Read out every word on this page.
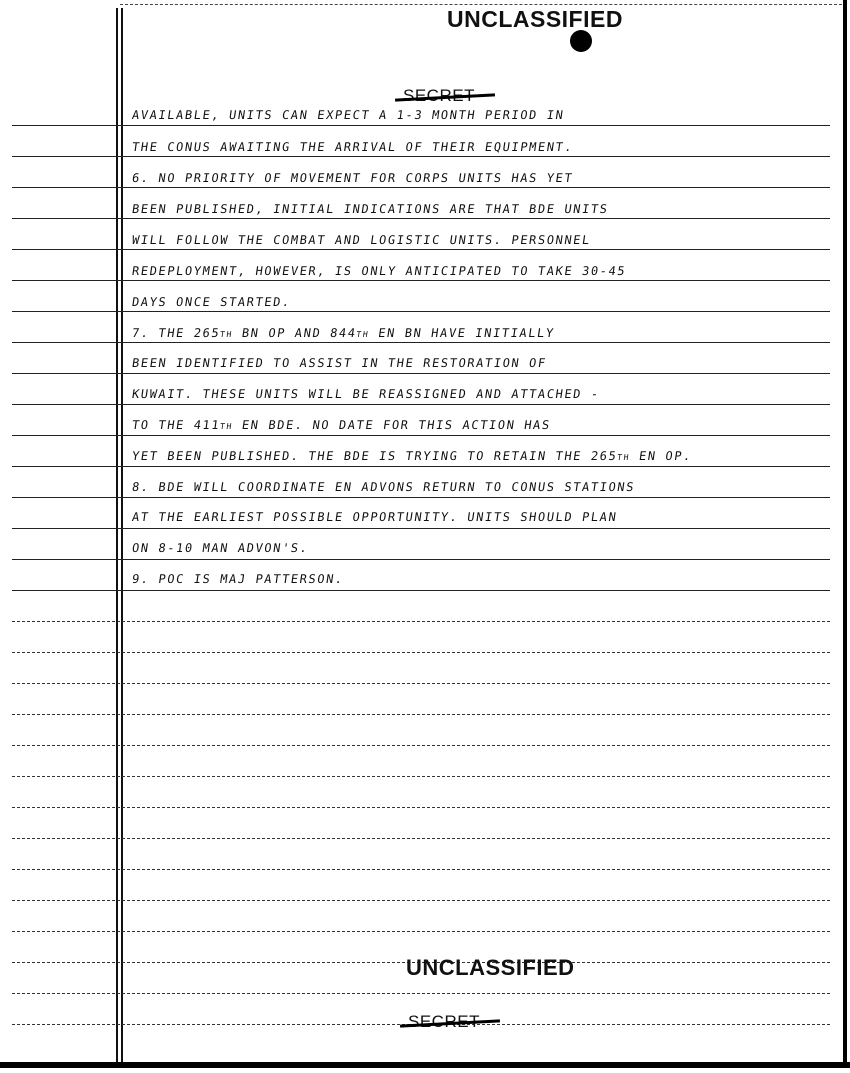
UNCLASSIFIED
SECRET
AVAILABLE, UNITS CAN EXPECT A 1-3 MONTH PERIOD IN
THE CONUS AWAITING THE ARRIVAL OF THEIR EQUIPMENT.
6. NO PRIORITY OF MOVEMENT FOR CORPS UNITS HAS YET
BEEN PUBLISHED, INITIAL INDICATIONS ARE THAT BDE UNITS
WILL FOLLOW THE COMBAT AND LOGISTIC UNITS. PERSONNEL
REDEPLOYMENT, HOWEVER, IS ONLY ANTICIPATED TO TAKE 30-45
DAYS ONCE STARTED.
7. THE 265th BN OP AND 844th EN BN HAVE INITIALLY
BEEN IDENTIFIED TO ASSIST IN THE RESTORATION OF
KUWAIT. THESE UNITS WILL BE REASSIGNED AND ATTACHED -
TO THE 411th EN BDE. NO DATE FOR THIS ACTION HAS
YET BEEN PUBLISHED. THE BDE IS TRYING TO RETAIN THE 265th EN OP.
8. BDE WILL COORDINATE EN ADVONS RETURN TO CONUS STATIONS
AT THE EARLIEST POSSIBLE OPPORTUNITY. UNITS SHOULD PLAN
ON 8-10 MAN ADVON'S.
9. POC IS MAJ PATTERSON.
UNCLASSIFIED
SECRET
